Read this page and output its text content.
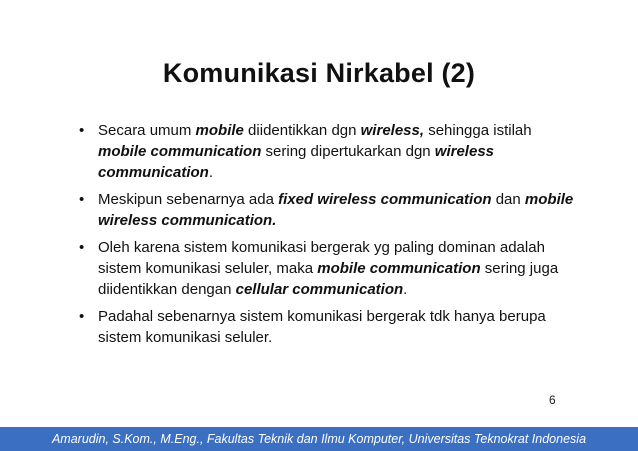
Komunikasi Nirkabel (2)
• Secara umum mobile diidentikkan dgn wireless, sehingga istilah mobile communication sering dipertukarkan dgn wireless communication.
• Meskipun sebenarnya ada fixed wireless communication dan mobile wireless communication.
• Oleh karena sistem komunikasi bergerak yg paling dominan adalah sistem komunikasi seluler, maka mobile communication sering juga diidentikkan dengan cellular communication.
• Padahal sebenarnya sistem komunikasi bergerak tdk hanya berupa sistem komunikasi seluler.
6
Amarudin, S.Kom., M.Eng., Fakultas Teknik dan Ilmu Komputer, Universitas Teknokrat Indonesia
